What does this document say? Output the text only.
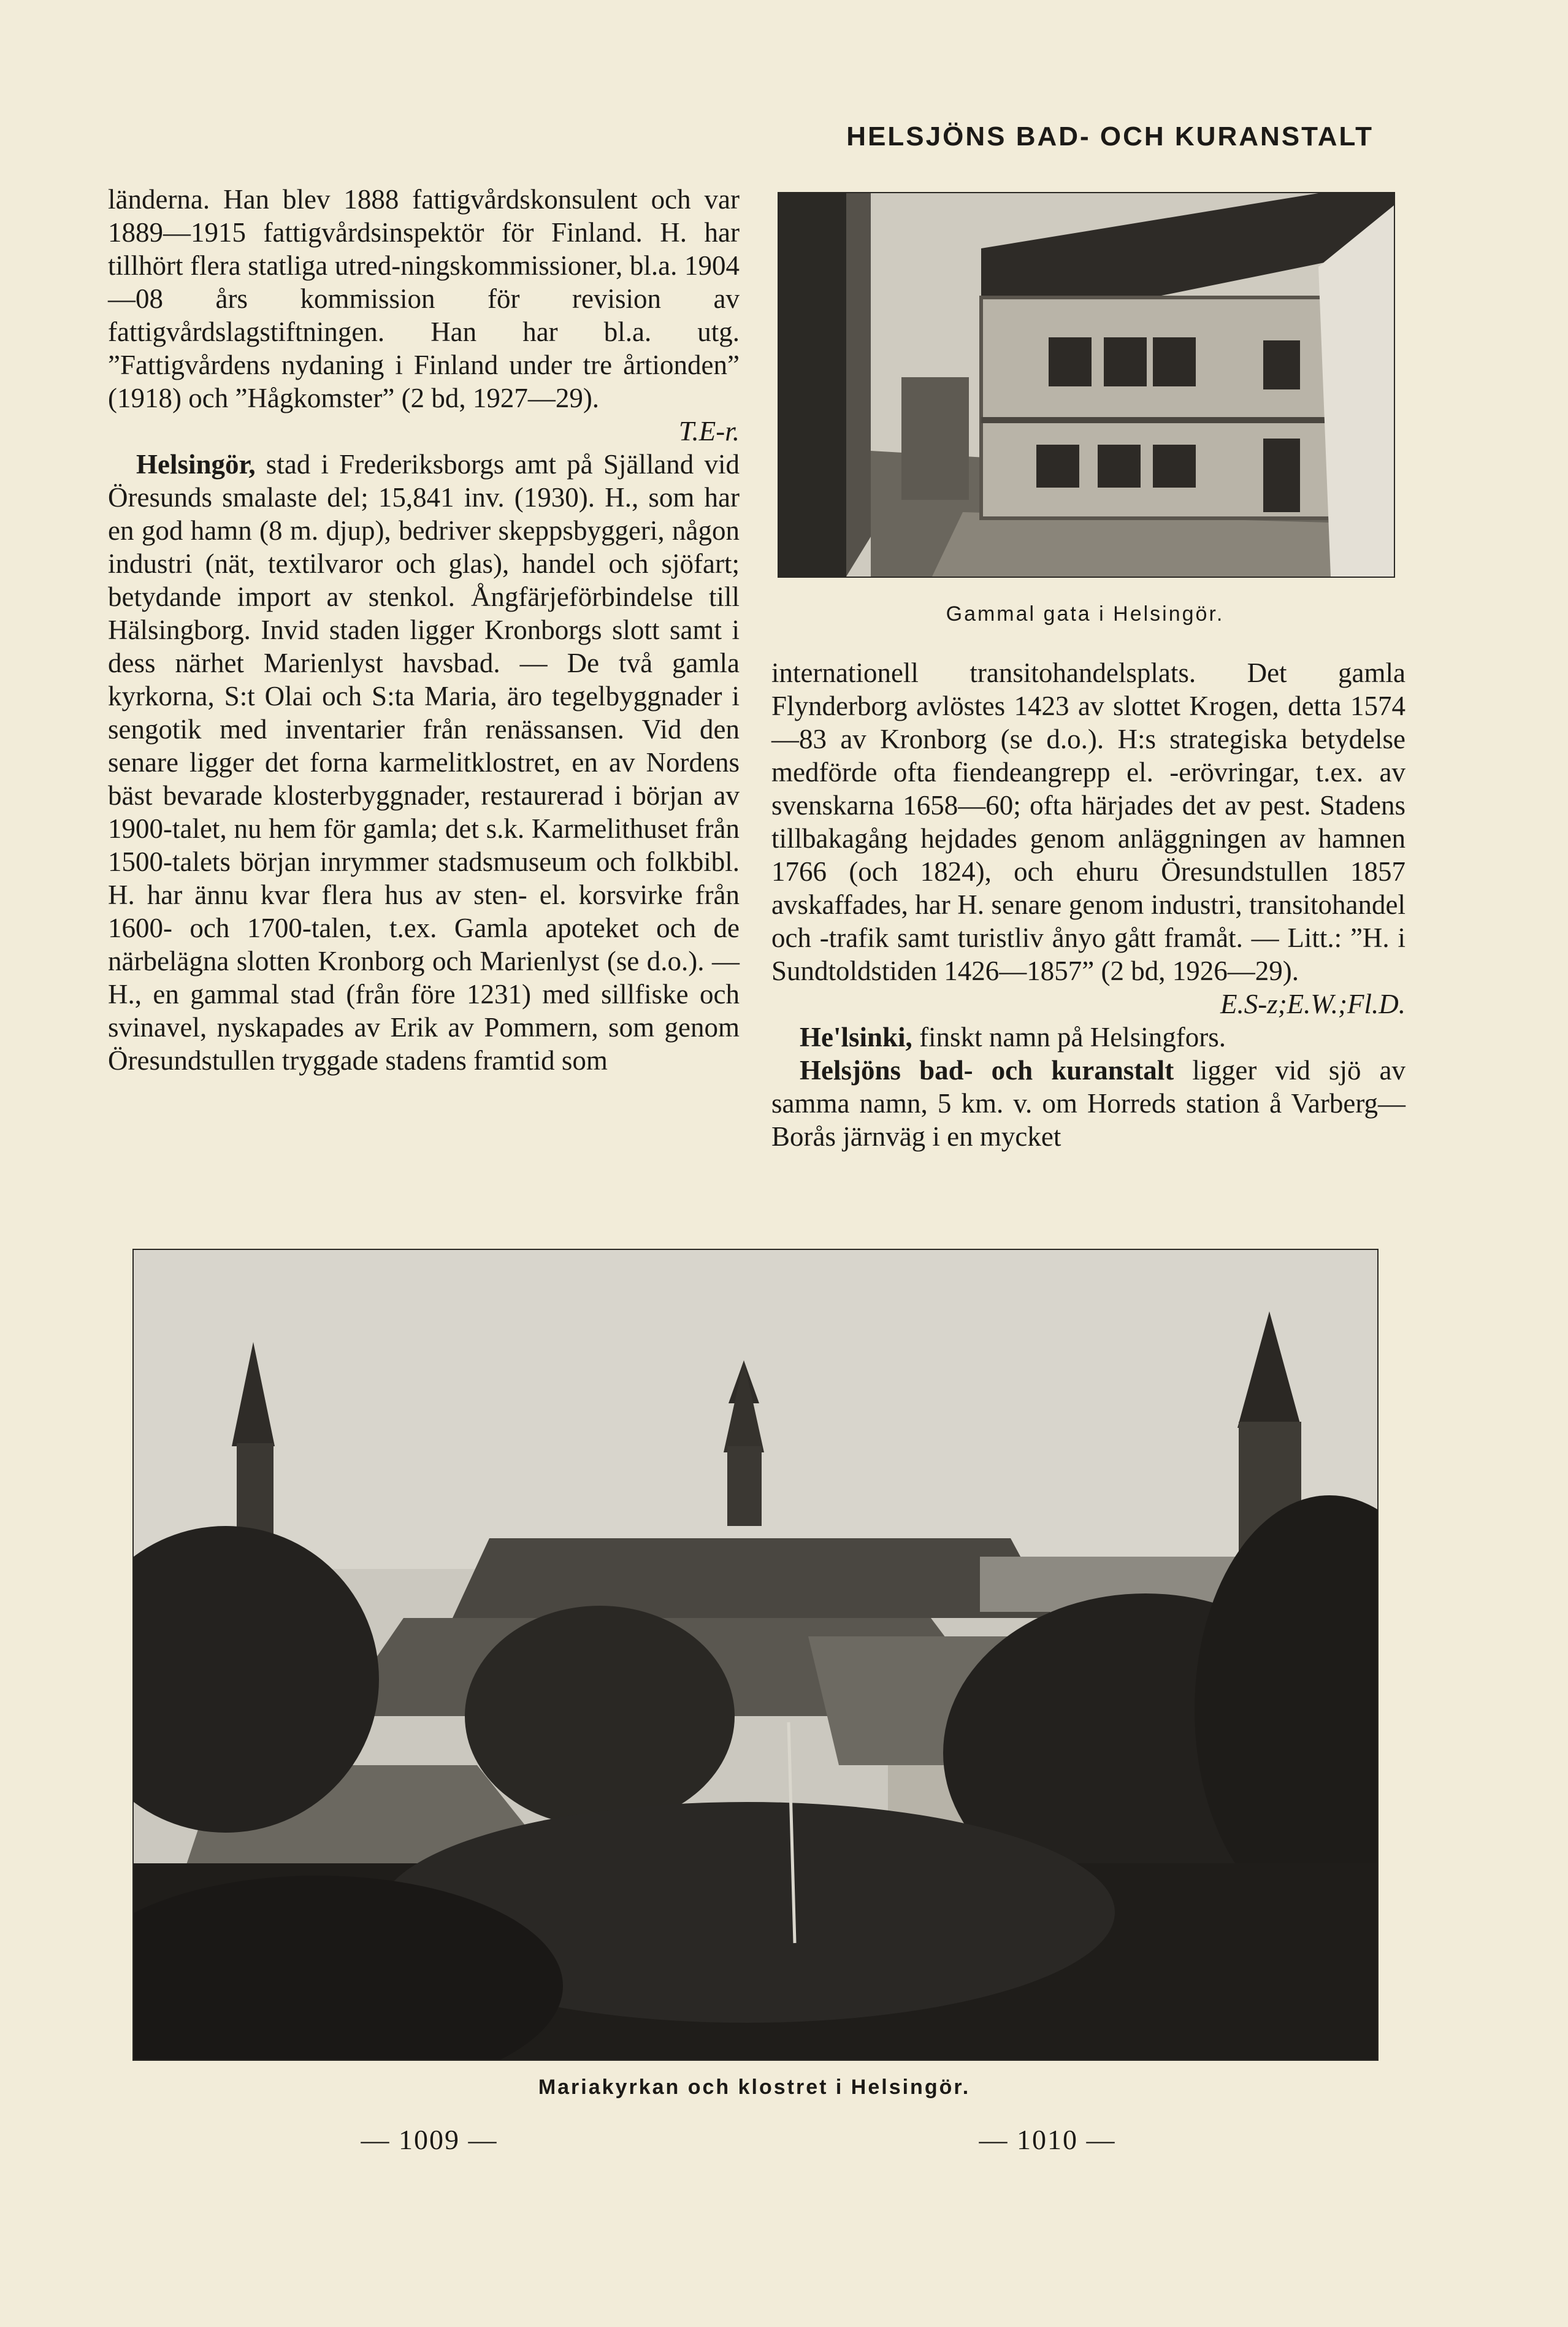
HELSJÖNS BAD- OCH KURANSTALT

länderna. Han blev 1888 fattigvårdskonsulent och var 1889—1915 fattigvårdsinspektör för Finland. H. har tillhört flera statliga utred-ningskommissioner, bl.a. 1904—08 års kommission för revision av fattigvårdslagstiftningen. Han har bl.a. utg. ”Fattigvårdens nydaning i Finland under tre årtionden” (1918) och ”Hågkomster” (2 bd, 1927—29).
T.E-r.

Helsingör, stad i Frederiksborgs amt på Själland vid Öresunds smalaste del; 15,841 inv. (1930). H., som har en god hamn (8 m. djup), bedriver skeppsbyggeri, någon industri (nät, textilvaror och glas), handel och sjöfart; betydande import av stenkol. Ångfärjeförbindelse till Hälsingborg. Invid staden ligger Kronborgs slott samt i dess närhet Marienlyst havsbad. — De två gamla kyrkorna, S:t Olai och S:ta Maria, äro tegelbyggnader i sengotik med inventarier från renässansen. Vid den senare ligger det forna karmelitklostret, en av Nordens bäst bevarade klosterbyggnader, restaurerad i början av 1900-talet, nu hem för gamla; det s.k. Karmelithuset från 1500-talets början inrymmer stadsmuseum och folkbibl. H. har ännu kvar flera hus av sten- el. korsvirke från 1600- och 1700-talen, t.ex. Gamla apoteket och de närbelägna slotten Kronborg och Marienlyst (se d.o.). — H., en gammal stad (från före 1231) med sillfiske och svinavel, nyskapades av Erik av Pommern, som genom Öresundstullen tryggade stadens framtid som

Gammal gata i Helsingör.

internationell transitohandelsplats. Det gamla Flynderborg avlöstes 1423 av slottet Krogen, detta 1574—83 av Kronborg (se d.o.). H:s strategiska betydelse medförde ofta fiendeangrepp el. -erövringar, t.ex. av svenskarna 1658—60; ofta härjades det av pest. Stadens tillbakagång hejdades genom anläggningen av hamnen 1766 (och 1824), och ehuru Öresundstullen 1857 avskaffades, har H. senare genom industri, transitohandel och -trafik samt turistliv ånyo gått framåt. — Litt.: ”H. i Sundtoldstiden 1426—1857” (2 bd, 1926—29).
E.S-z;E.W.;Fl.D.

He'lsinki, finskt namn på Helsingfors.

Helsjöns bad- och kuranstalt ligger vid sjö av samma namn, 5 km. v. om Horreds station å Varberg—Borås järnväg i en mycket

Mariakyrkan och klostret i Helsingör.
— 1009 —	— 1010 —
